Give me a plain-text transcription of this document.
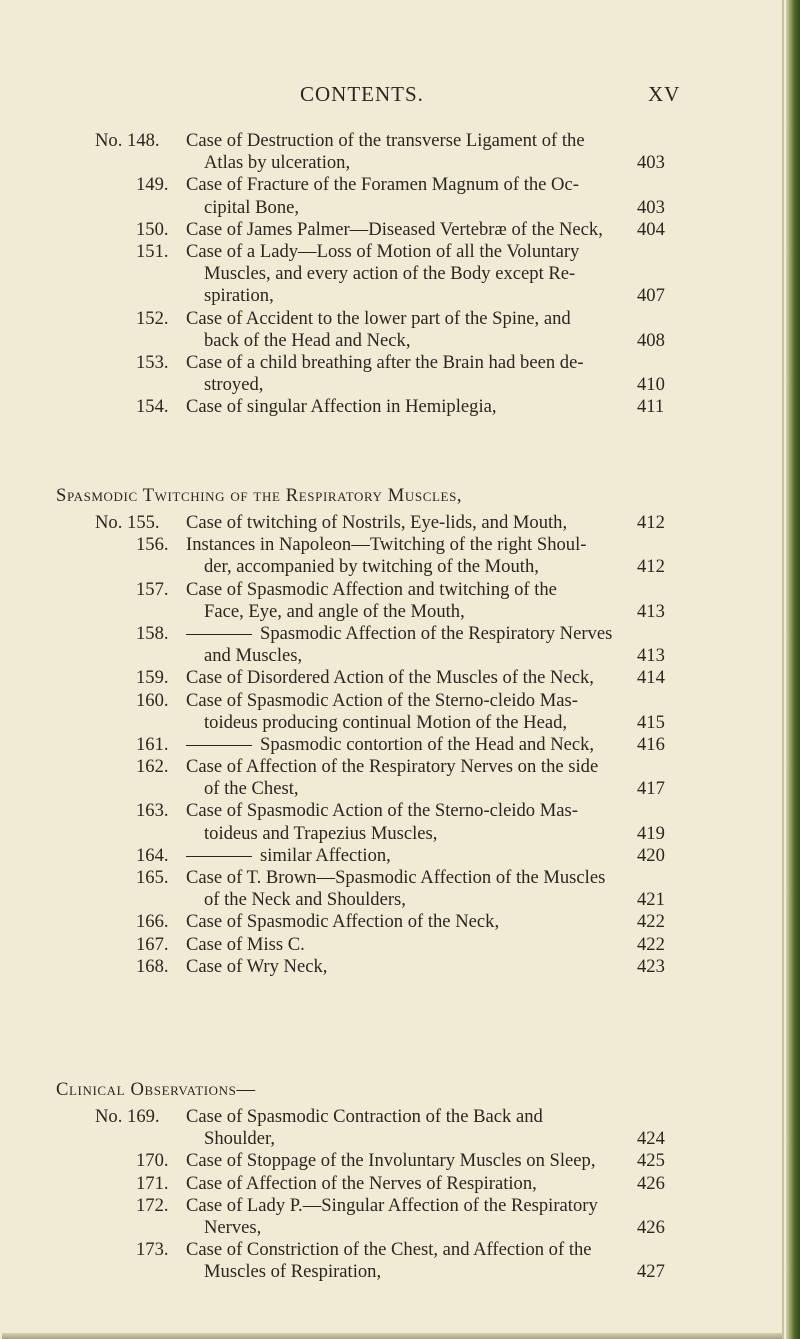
CONTENTS.	XV
No. 148. Case of Destruction of the transverse Ligament of the
Atlas by ulceration,	403
149. Case of Fracture of the Foramen Magnum of the Oc-
cipital Bone,	403
150. Case of James Palmer—Diseased Vertebræ of the Neck,	404
151. Case of a Lady—Loss of Motion of all the Voluntary
Muscles, and every action of the Body except Re-
spiration,	407
152. Case of Accident to the lower part of the Spine, and
back of the Head and Neck,	408
153. Case of a child breathing after the Brain had been de-
stroyed,	410
154. Case of singular Affection in Hemiplegia,	411
Spasmodic Twitching of the Respiratory Muscles,
No. 155. Case of twitching of Nostrils, Eye-lids, and Mouth,	412
156. Instances in Napoleon—Twitching of the right Shoul-
der, accompanied by twitching of the Mouth,	412
157. Case of Spasmodic Affection and twitching of the
Face, Eye, and angle of the Mouth,	413
158.	Spasmodic Affection of the Respiratory Nerves
and Muscles,	413
159. Case of Disordered Action of the Muscles of the Neck,	414
160. Case of Spasmodic Action of the Sterno-cleido Mas-
toideus producing continual Motion of the Head,	415
161.	Spasmodic contortion of the Head and Neck,	416
162. Case of Affection of the Respiratory Nerves on the side
of the Chest,	417
163. Case of Spasmodic Action of the Sterno-cleido Mas-
toideus and Trapezius Muscles,	419
164.	similar Affection,	420
165. Case of T. Brown—Spasmodic Affection of the Muscles
of the Neck and Shoulders,	421
166. Case of Spasmodic Affection of the Neck,	422
167. Case of Miss C.	422
168. Case of Wry Neck,	423
Clinical Observations—
No. 169. Case of Spasmodic Contraction of the Back and
Shoulder,	424
170. Case of Stoppage of the Involuntary Muscles on Sleep,	425
171. Case of Affection of the Nerves of Respiration,	426
172. Case of Lady P.—Singular Affection of the Respiratory
Nerves,	426
173. Case of Constriction of the Chest, and Affection of the
Muscles of Respiration,	427
